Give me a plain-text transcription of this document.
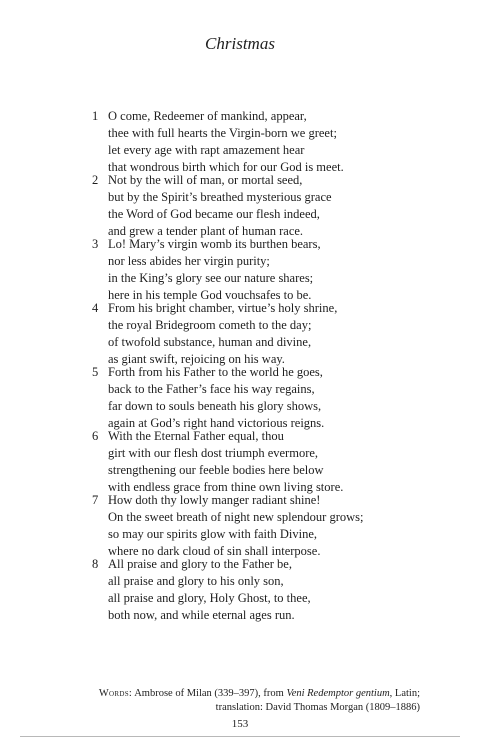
Christmas
1 O come, Redeemer of mankind, appear,
thee with full hearts the Virgin-born we greet;
let every age with rapt amazement hear
that wondrous birth which for our God is meet.
2 Not by the will of man, or mortal seed,
but by the Spirit’s breathed mysterious grace
the Word of God became our flesh indeed,
and grew a tender plant of human race.
3 Lo! Mary’s virgin womb its burthen bears,
nor less abides her virgin purity;
in the King’s glory see our nature shares;
here in his temple God vouchsafes to be.
4 From his bright chamber, virtue’s holy shrine,
the royal Bridegroom cometh to the day;
of twofold substance, human and divine,
as giant swift, rejoicing on his way.
5 Forth from his Father to the world he goes,
back to the Father’s face his way regains,
far down to souls beneath his glory shows,
again at God’s right hand victorious reigns.
6 With the Eternal Father equal, thou
girt with our flesh dost triumph evermore,
strengthening our feeble bodies here below
with endless grace from thine own living store.
7 How doth thy lowly manger radiant shine!
On the sweet breath of night new splendour grows;
so may our spirits glow with faith Divine,
where no dark cloud of sin shall interpose.
8 All praise and glory to the Father be,
all praise and glory to his only son,
all praise and glory, Holy Ghost, to thee,
both now, and while eternal ages run.
Words: Ambrose of Milan (339–397), from Veni Redemptor gentium, Latin;
translation: David Thomas Morgan (1809–1886)
153
